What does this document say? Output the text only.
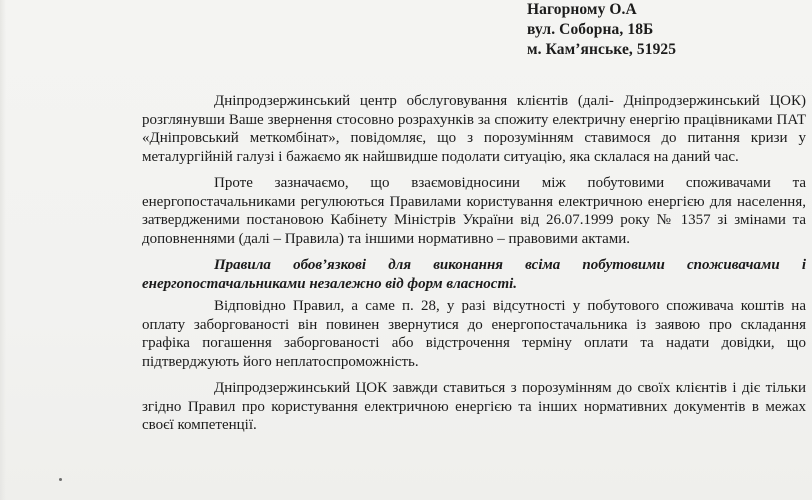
Нагорному О.А
вул. Соборна, 18Б
м. Кам’янське, 51925

Дніпродзержинський центр обслуговування клієнтів (далі- Дніпродзержинський ЦОК) розглянувши Ваше звернення стосовно розрахунків за спожиту електричну енергію працівниками ПАТ «Дніпровський меткомбінат», повідомляє, що з порозумінням ставимося до питання кризи у металургійній галузі і бажаємо як найшвидше подолати ситуацію, яка склалася на даний час.

Проте зазначаємо, що взаємовідносини між побутовими споживачами та енергопостачальниками регулюються Правилами користування електричною енергією для населення, затвердженими постановою Кабінету Міністрів України від 26.07.1999 року № 1357 зі змінами та доповненнями (далі – Правила) та іншими нормативно – правовими актами.

Правила обов’язкові для виконання всіма побутовими споживачами і енергопостачальниками незалежно від форм власності.

Відповідно Правил, а саме п. 28, у разі відсутності у побутового споживача коштів на оплату заборгованості він повинен звернутися до енергопостачальника із заявою про складання графіка погашення заборгованості або відстрочення терміну оплати та надати довідки, що підтверджують його неплатоспроможність.

Дніпродзержинський ЦОК завжди ставиться з порозумінням до своїх клієнтів і діє тільки згідно Правил про користування електричною енергією та інших нормативних документів в межах своєї компетенції.
